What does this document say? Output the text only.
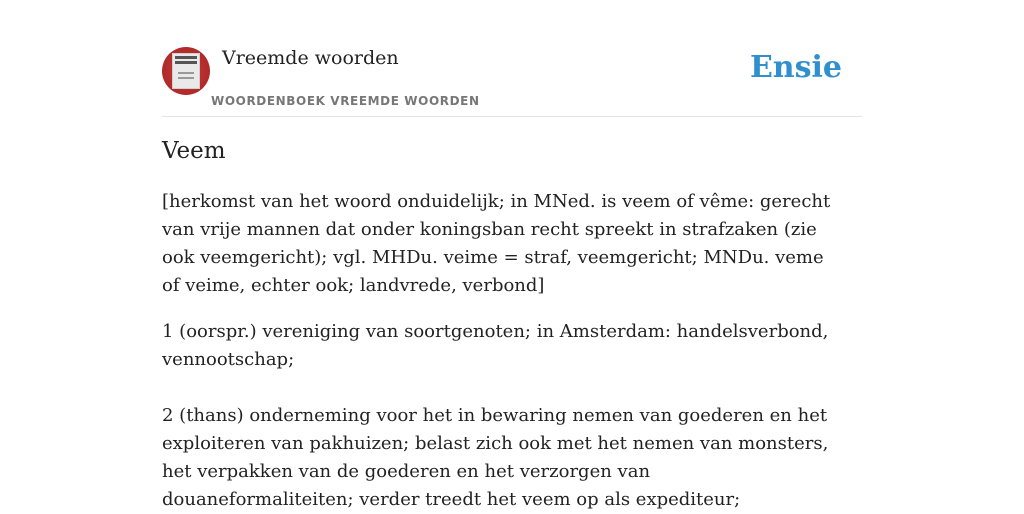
Vreemde woorden
WOORDENBOEK VREEMDE WOORDEN
Ensie
Veem

[herkomst van het woord onduidelijk; in MNed. is veem of vême: gerecht van vrije mannen dat onder koningsban recht spreekt in strafzaken (zie ook veemgericht); vgl. MHDu. veime = straf, veemgericht; MNDu. veme of veime, echter ook; landvrede, verbond]

1 (oorspr.) vereniging van soortgenoten; in Amsterdam: handelsverbond, vennootschap;

2 (thans) onderneming voor het in bewaring nemen van goederen en het exploiteren van pakhuizen; belast zich ook met het nemen van monsters, het verpakken van de goederen en het verzorgen van douaneformaliteiten; verder treedt het veem op als expediteur;
